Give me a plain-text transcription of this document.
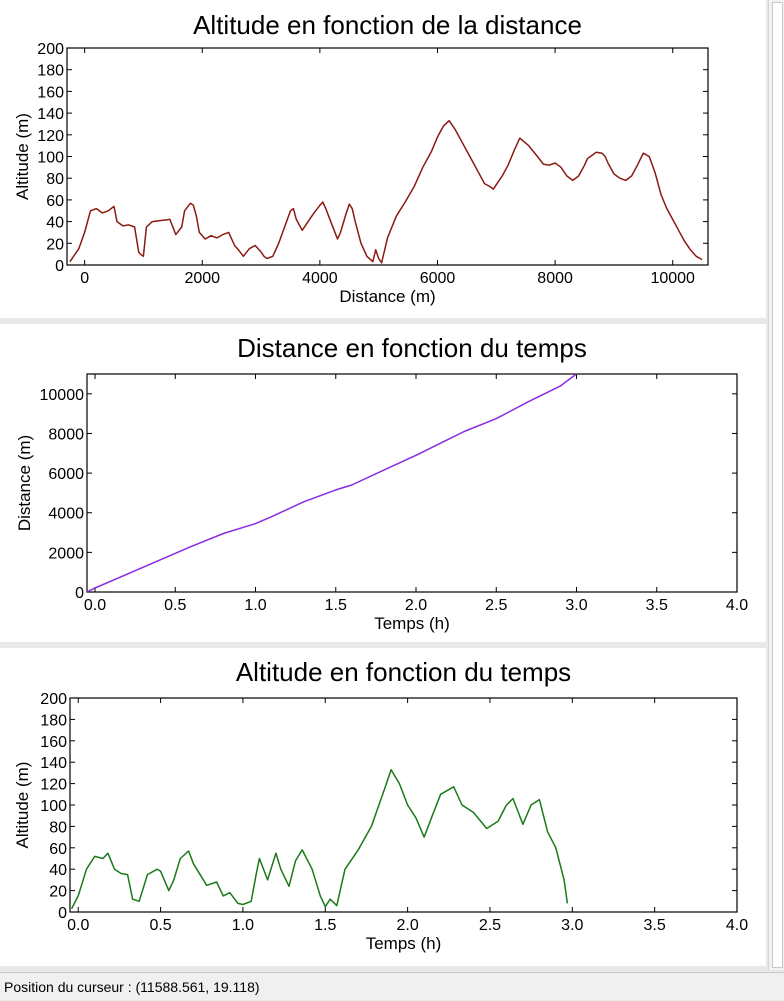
Altitude en fonction de la distance
0
20
40
60
80
100
120
140
160
180
200
0	2000	4000	6000	8000	10000
Distance (m)
Altitude (m)
Distance en fonction du temps
0
2000
4000
6000
8000
10000
0.0	0.5	1.0	1.5	2.0	2.5	3.0	3.5	4.0
Temps (h)
Distance (m)
Altitude en fonction du temps
0
20
40
60
80
100
120
140
160
180
200
0.0	0.5	1.0	1.5	2.0	2.5	3.0	3.5	4.0
Temps (h)
Altitude (m)
Position du curseur : (11588.561, 19.118)
